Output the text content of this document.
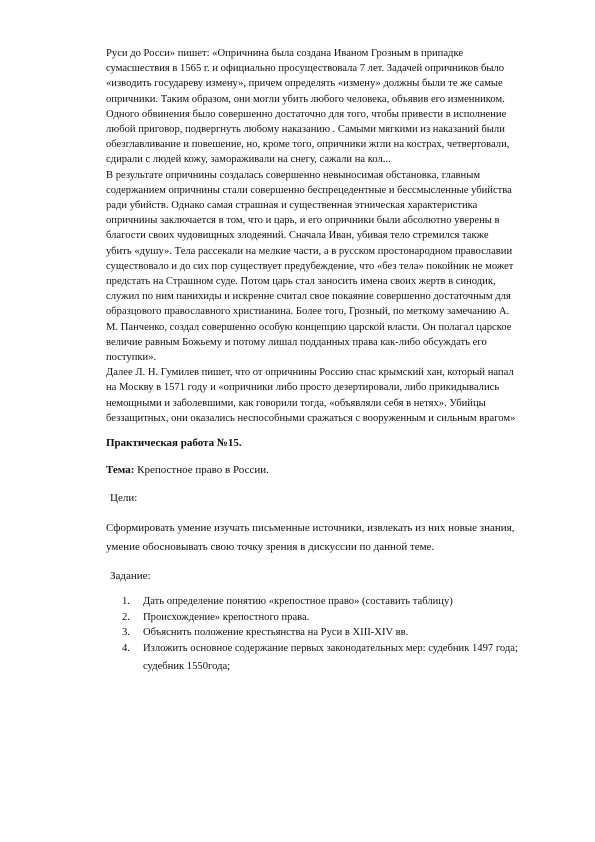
Руси до Росси» пишет: «Опричнина была создана Иваном Грозным в припадке

сумасшествия в 1565 г. и официально просуществовала 7 лет. Задачей опричников было

«изводить государеву измену», причем определять «измену» должны были те же самые

опричники. Таким образом, они могли убить любого человека, объявив его изменником.

Одного обвинения было совершенно достаточно для того, чтобы привести в исполнение

любой приговор, подвергнуть любому наказанию . Самыми мягкими из наказаний были

обезглавливание и повешение, но, кроме того, опричники жгли на кострах, четвертовали,

сдирали с людей кожу, замораживали на снегу, сажали на кол...

В результате опричнины создалась совершенно невыносимая обстановка, главным

содержанием опричнины стали совершенно беспрецедентные и бессмысленные убийства

ради убийств. Однако самая страшная и существенная этническая характеристика

опричнины заключается в том, что и царь, и его опричники были абсолютно уверены в

благости своих чудовищных злодеяний. Сначала Иван, убивая тело стремился также

убить «душу». Тела рассекали на мелкие части, а в русском простонародном православии

существовало и до сих пор существует предубеждение, что «без тела» покойник не может

предстать на Страшном суде. Потом царь стал заносить имена своих жертв в синодик,

служил по ним панихиды и искренне считал свое покаяние совершенно достаточным для

образцового православного христианина. Более того, Грозный, по меткому замечанию А.

М. Панченко, создал совершенно особую концепцию царской власти. Он полагал царское

величие равным Божьему и потому лишал подданных права как-либо обсуждать его

поступки».

Далее Л. Н. Гумилев пишет, что от опричнины Россию спас крымский хан, который напал

на Москву в 1571 году и «опричники либо просто дезертировали, либо прикидывались

немощными и заболевшими, как говорили тогда, «объявляли себя в нетях». Убийцы

беззащитных, они оказались неспособными сражаться с вооруженным и сильным врагом»

Практическая работа №15.
Тема: Крепостное право в России.
Цели:

Сформировать умение изучать письменные источники, извлекать из них новые знания,

умение обосновывать свою точку зрения в дискуссии по данной теме.

Задание:
1. Дать определение понятию «крепостное право» (составить таблицу)
2. Происхождение» крепостного права.
3. Объяснить положение крестьянства на Руси в XIII-XIV вв.
4. Изложить основное содержание первых законодательных мер: судебник 1497 года;
судебник 1550года;
